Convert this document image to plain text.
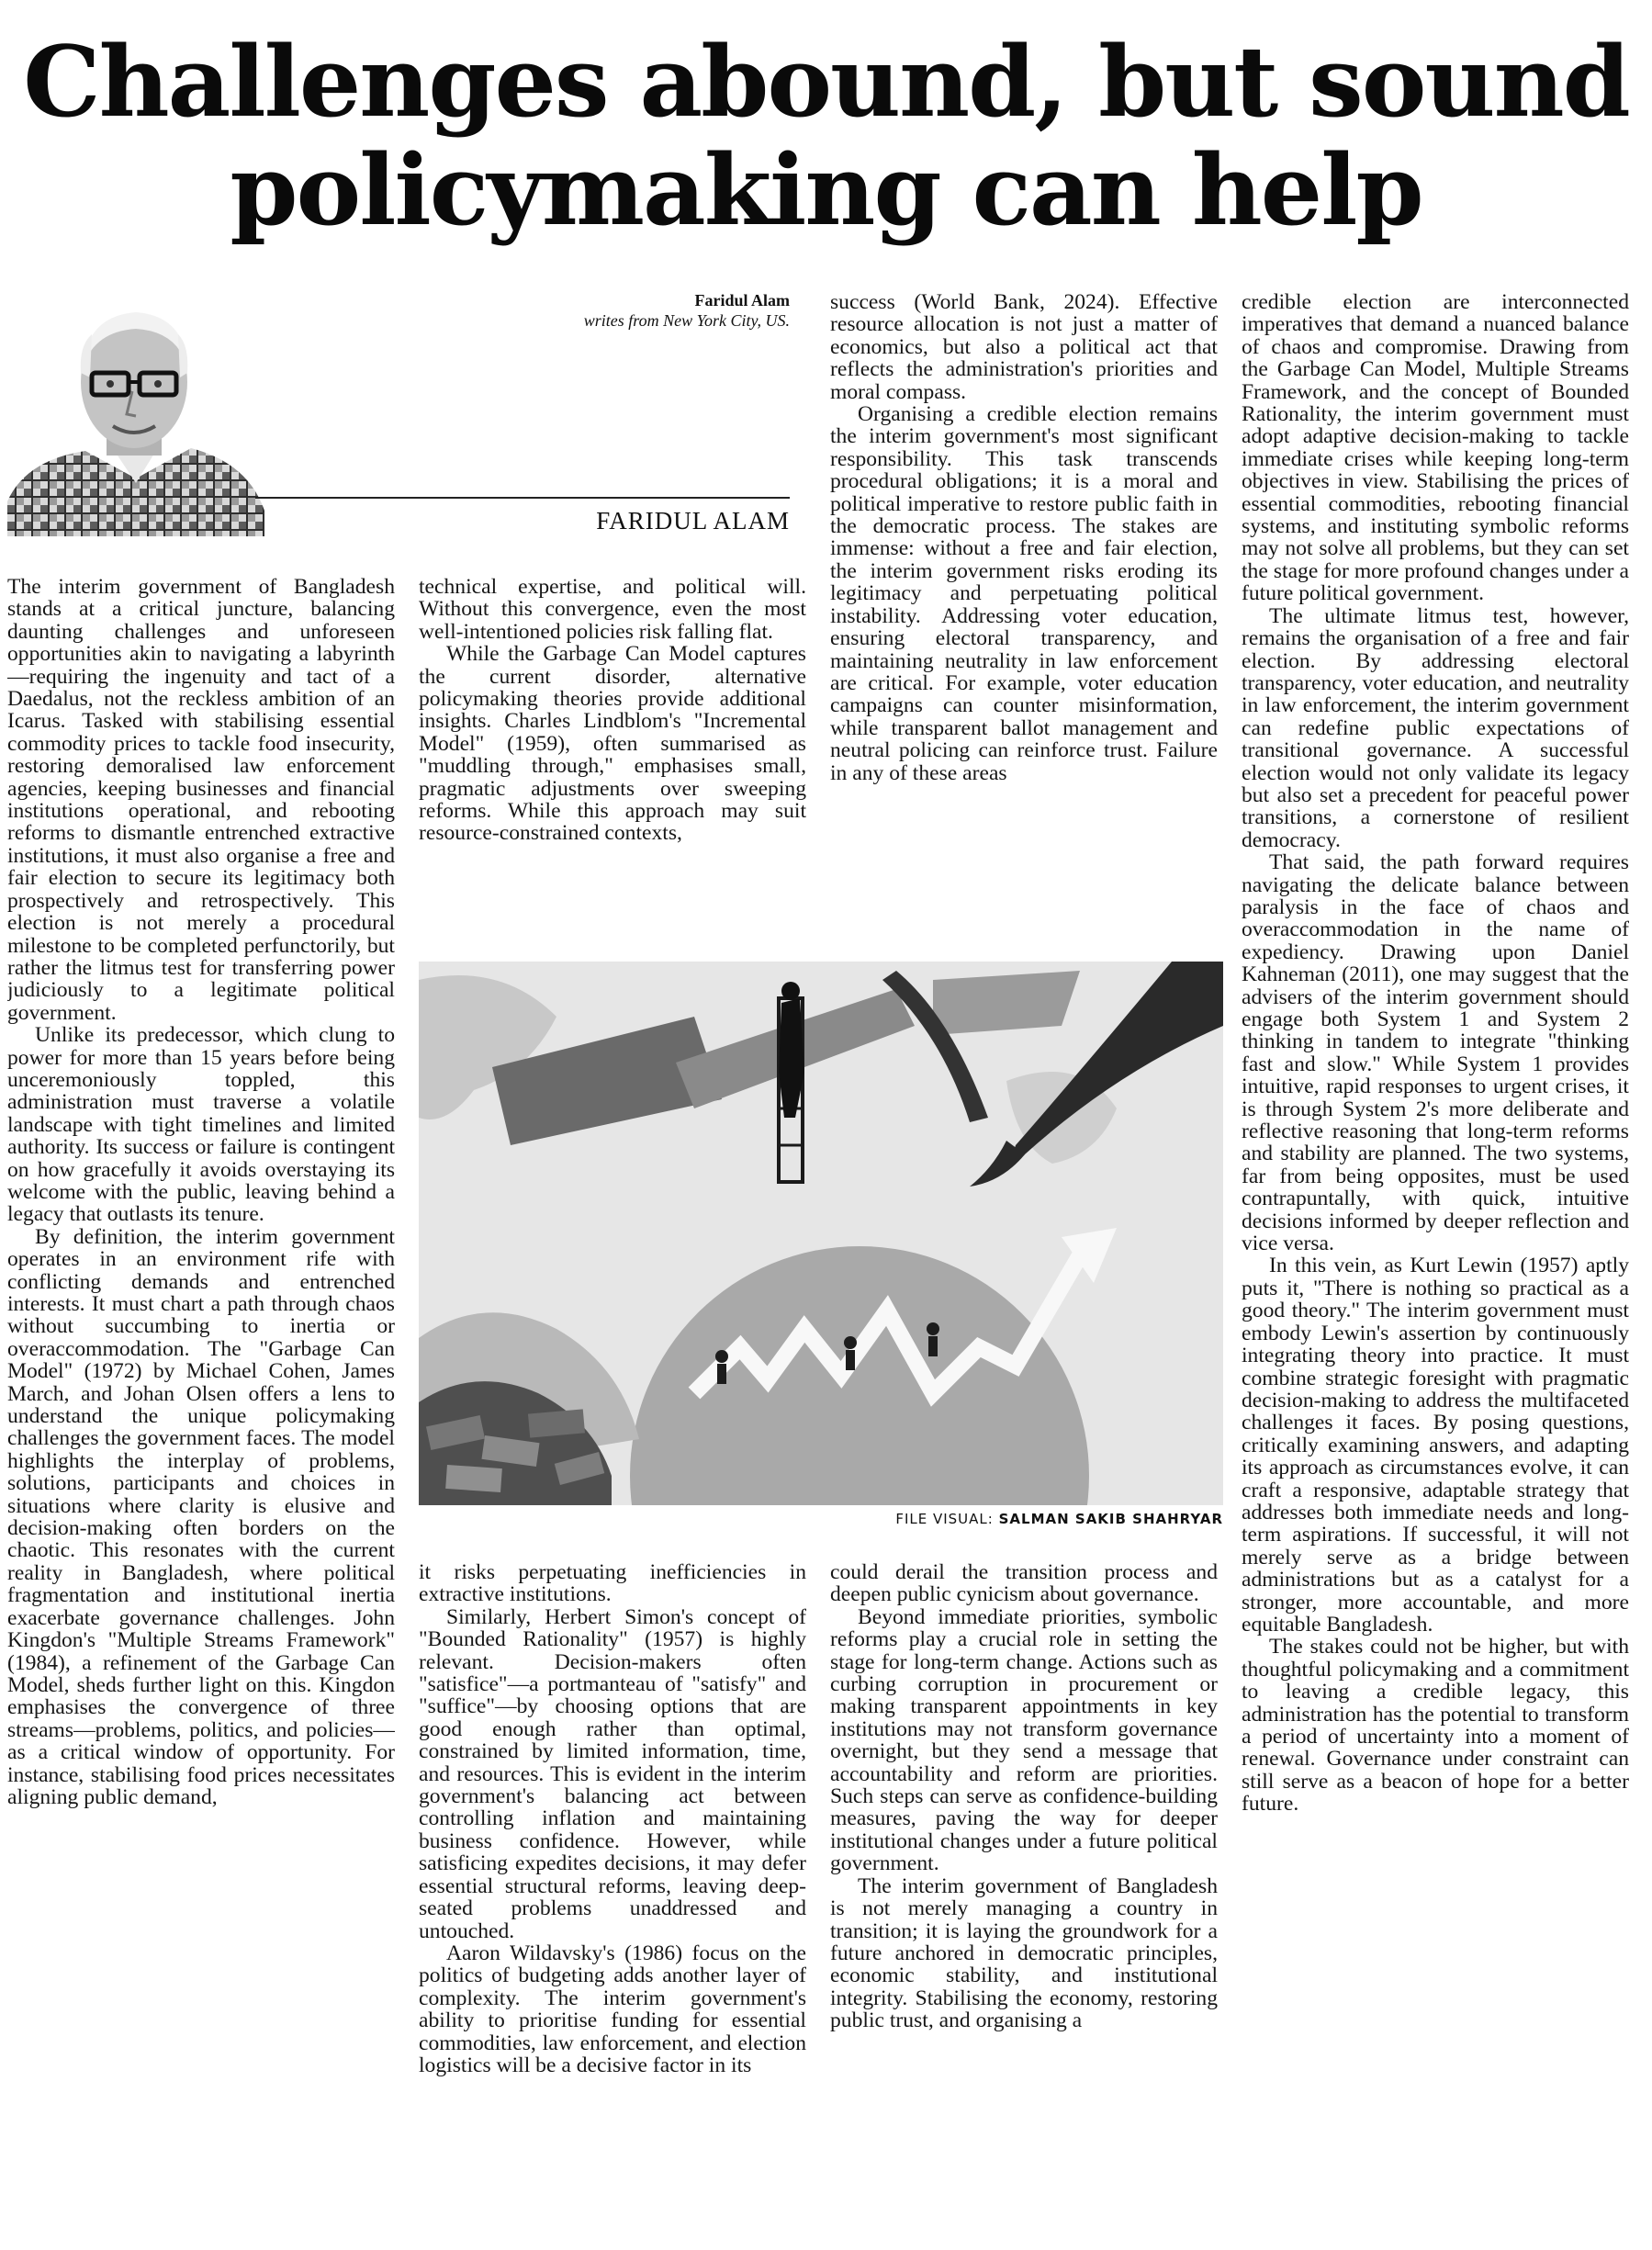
Challenges abound, but sound policymaking can help
Faridul Alam
writes from New York City, US.
FARIDUL ALAM
FILE VISUAL: SALMAN SAKIB SHAHRYAR

The interim government of Bangladesh stands at a critical juncture, balancing daunting challenges and unforeseen opportunities akin to navigating a labyrinth—requiring the ingenuity and tact of a Daedalus, not the reckless ambition of an Icarus. Tasked with stabilising essential commodity prices to tackle food insecurity, restoring demoralised law enforcement agencies, keeping businesses and financial institutions operational, and rebooting reforms to dismantle entrenched extractive institutions, it must also organise a free and fair election to secure its legitimacy both prospectively and retrospectively. This election is not merely a procedural milestone to be completed perfunctorily, but rather the litmus test for transferring power judiciously to a legitimate political government.

Unlike its predecessor, which clung to power for more than 15 years before being unceremoniously toppled, this administration must traverse a volatile landscape with tight timelines and limited authority. Its success or failure is contingent on how gracefully it avoids overstaying its welcome with the public, leaving behind a legacy that outlasts its tenure.

By definition, the interim government operates in an environment rife with conflicting demands and entrenched interests. It must chart a path through chaos without succumbing to inertia or overaccommodation. The "Garbage Can Model" (1972) by Michael Cohen, James March, and Johan Olsen offers a lens to understand the unique policymaking challenges the government faces. The model highlights the interplay of problems, solutions, participants and choices in situations where clarity is elusive and decision-making often borders on the chaotic. This resonates with the current reality in Bangladesh, where political fragmentation and institutional inertia exacerbate governance challenges. John Kingdon's "Multiple Streams Framework" (1984), a refinement of the Garbage Can Model, sheds further light on this. Kingdon emphasises the convergence of three streams—problems, politics, and policies—as a critical window of opportunity. For instance, stabilising food prices necessitates aligning public demand,

technical expertise, and political will. Without this convergence, even the most well-intentioned policies risk falling flat.

While the Garbage Can Model captures the current disorder, alternative policymaking theories provide additional insights. Charles Lindblom's "Incremental Model" (1959), often summarised as "muddling through," emphasises small, pragmatic adjustments over sweeping reforms. While this approach may suit resource-constrained contexts,

success (World Bank, 2024). Effective resource allocation is not just a matter of economics, but also a political act that reflects the administration's priorities and moral compass.

Organising a credible election remains the interim government's most significant responsibility. This task transcends procedural obligations; it is a moral and political imperative to restore public faith in the democratic process. The stakes are immense: without a free and fair election, the interim government risks eroding its legitimacy and perpetuating political instability. Addressing voter education, ensuring electoral transparency, and maintaining neutrality in law enforcement are critical. For example, voter education campaigns can counter misinformation, while transparent ballot management and neutral policing can reinforce trust. Failure in any of these areas

credible election are interconnected imperatives that demand a nuanced balance of chaos and compromise. Drawing from the Garbage Can Model, Multiple Streams Framework, and the concept of Bounded Rationality, the interim government must adopt adaptive decision-making to tackle immediate crises while keeping long-term objectives in view. Stabilising the prices of essential commodities, rebooting financial systems, and instituting symbolic reforms may not solve all problems, but they can set the stage for more profound changes under a future political government.

The ultimate litmus test, however, remains the organisation of a free and fair election. By addressing electoral transparency, voter education, and neutrality in law enforcement, the interim government can redefine public expectations of transitional governance. A successful election would not only validate its legacy but also set a precedent for peaceful power transitions, a cornerstone of resilient democracy.

That said, the path forward requires navigating the delicate balance between paralysis in the face of chaos and overaccommodation in the name of expediency. Drawing upon Daniel Kahneman (2011), one may suggest that the advisers of the interim government should engage both System 1 and System 2 thinking in tandem to integrate "thinking fast and slow." While System 1 provides intuitive, rapid responses to urgent crises, it is through System 2's more deliberate and reflective reasoning that long-term reforms and stability are planned. The two systems, far from being opposites, must be used contrapuntally, with quick, intuitive decisions informed by deeper reflection and vice versa.

In this vein, as Kurt Lewin (1957) aptly puts it, "There is nothing so practical as a good theory." The interim government must embody Lewin's assertion by continuously integrating theory into practice. It must combine strategic foresight with pragmatic decision-making to address the multifaceted challenges it faces. By posing questions, critically examining answers, and adapting its approach as circumstances evolve, it can craft a responsive, adaptable strategy that addresses both immediate needs and long-term aspirations. If successful, it will not merely serve as a bridge between administrations but as a catalyst for a stronger, more accountable, and more equitable Bangladesh.

The stakes could not be higher, but with thoughtful policymaking and a commitment to leaving a credible legacy, this administration has the potential to transform a period of uncertainty into a moment of renewal. Governance under constraint can still serve as a beacon of hope for a better future.

it risks perpetuating inefficiencies in extractive institutions.

Similarly, Herbert Simon's concept of "Bounded Rationality" (1957) is highly relevant. Decision-makers often "satisfice"—a portmanteau of "satisfy" and "suffice"—by choosing options that are good enough rather than optimal, constrained by limited information, time, and resources. This is evident in the interim government's balancing act between controlling inflation and maintaining business confidence. However, while satisficing expedites decisions, it may defer essential structural reforms, leaving deep-seated problems unaddressed and untouched.

Aaron Wildavsky's (1986) focus on the politics of budgeting adds another layer of complexity. The interim government's ability to prioritise funding for essential commodities, law enforcement, and election logistics will be a decisive factor in its

could derail the transition process and deepen public cynicism about governance.

Beyond immediate priorities, symbolic reforms play a crucial role in setting the stage for long-term change. Actions such as curbing corruption in procurement or making transparent appointments in key institutions may not transform governance overnight, but they send a message that accountability and reform are priorities. Such steps can serve as confidence-building measures, paving the way for deeper institutional changes under a future political government.

The interim government of Bangladesh is not merely managing a country in transition; it is laying the groundwork for a future anchored in democratic principles, economic stability, and institutional integrity. Stabilising the economy, restoring public trust, and organising a
